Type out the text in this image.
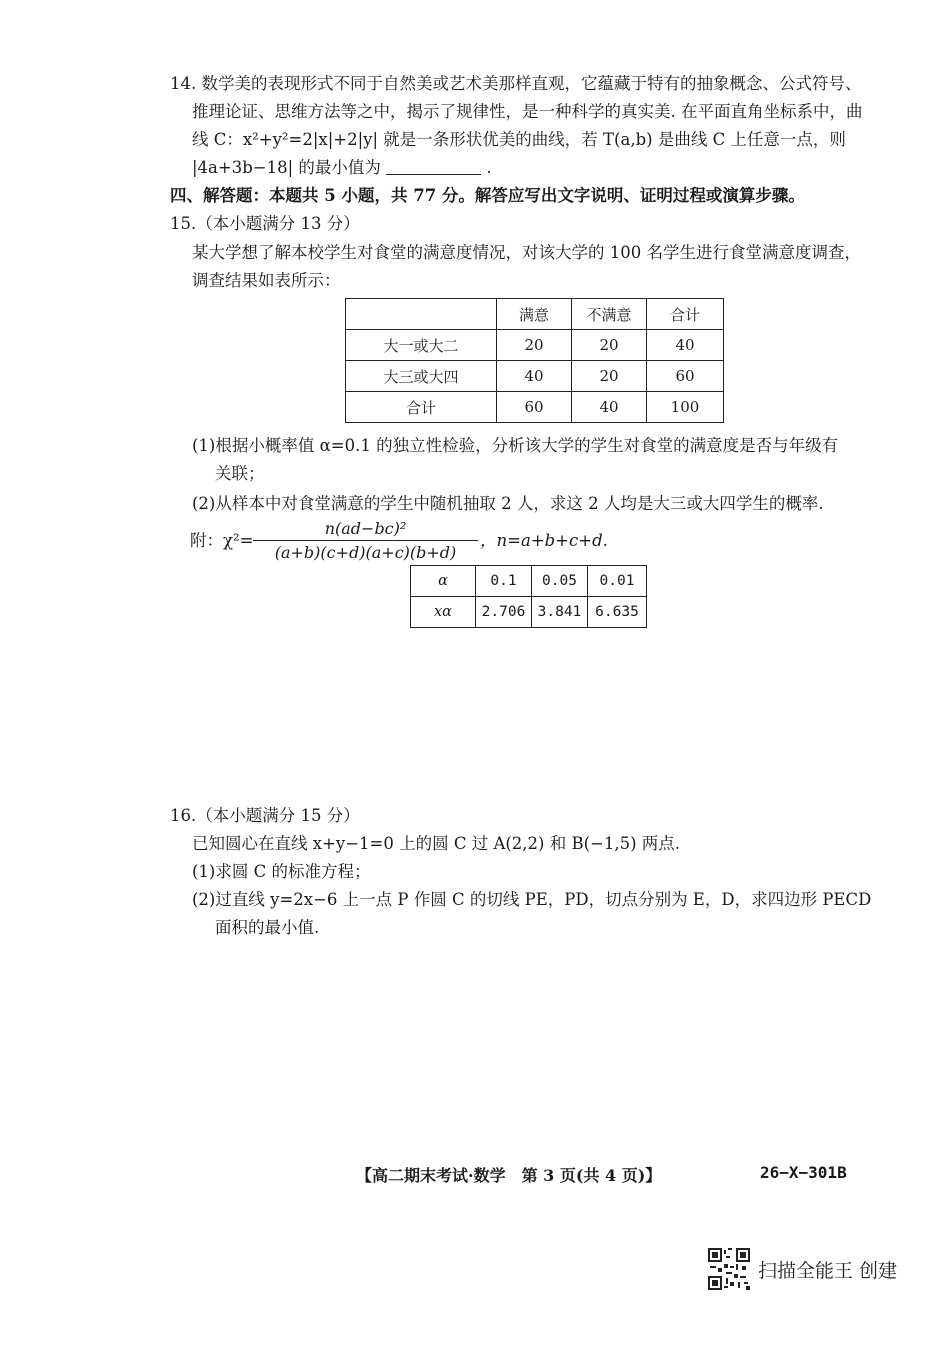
14. 数学美的表现形式不同于自然美或艺术美那样直观，它蕴藏于特有的抽象概念、公式符号、
推理论证、思维方法等之中，揭示了规律性，是一种科学的真实美. 在平面直角坐标系中，曲
线 C：x²+y²=2|x|+2|y| 就是一条形状优美的曲线，若 T(a,b) 是曲线 C 上任意一点，则
|4a+3b−18| 的最小值为	.
四、解答题：本题共 5 小题，共 77 分。解答应写出文字说明、证明过程或演算步骤。
15.（本小题满分 13 分）
某大学想了解本校学生对食堂的满意度情况，对该大学的 100 名学生进行食堂满意度调查，
调查结果如表所示：
	满意	不满意	合计
大一或大二	20	20	40
大三或大四	40	20	60
合计	60	40	100
(1)根据小概率值 α=0.1 的独立性检验，分析该大学的学生对食堂的满意度是否与年级有
关联；
(2)从样本中对食堂满意的学生中随机抽取 2 人，求这 2 人均是大三或大四学生的概率.
附：χ²=
n(ad−bc)²
(a+b)(c+d)(a+c)(b+d)
，n=a+b+c+d.
α	0.1	0.05	0.01
xα	2.706	3.841	6.635
16.（本小题满分 15 分）
已知圆心在直线 x+y−1=0 上的圆 C 过 A(2,2) 和 B(−1,5) 两点.
(1)求圆 C 的标准方程；
(2)过直线 y=2x−6 上一点 P 作圆 C 的切线 PE，PD，切点分别为 E，D，求四边形 PECD
面积的最小值.
【高二期末考试·数学　第 3 页(共 4 页)】	26−X−301B
扫描全能王 创建
